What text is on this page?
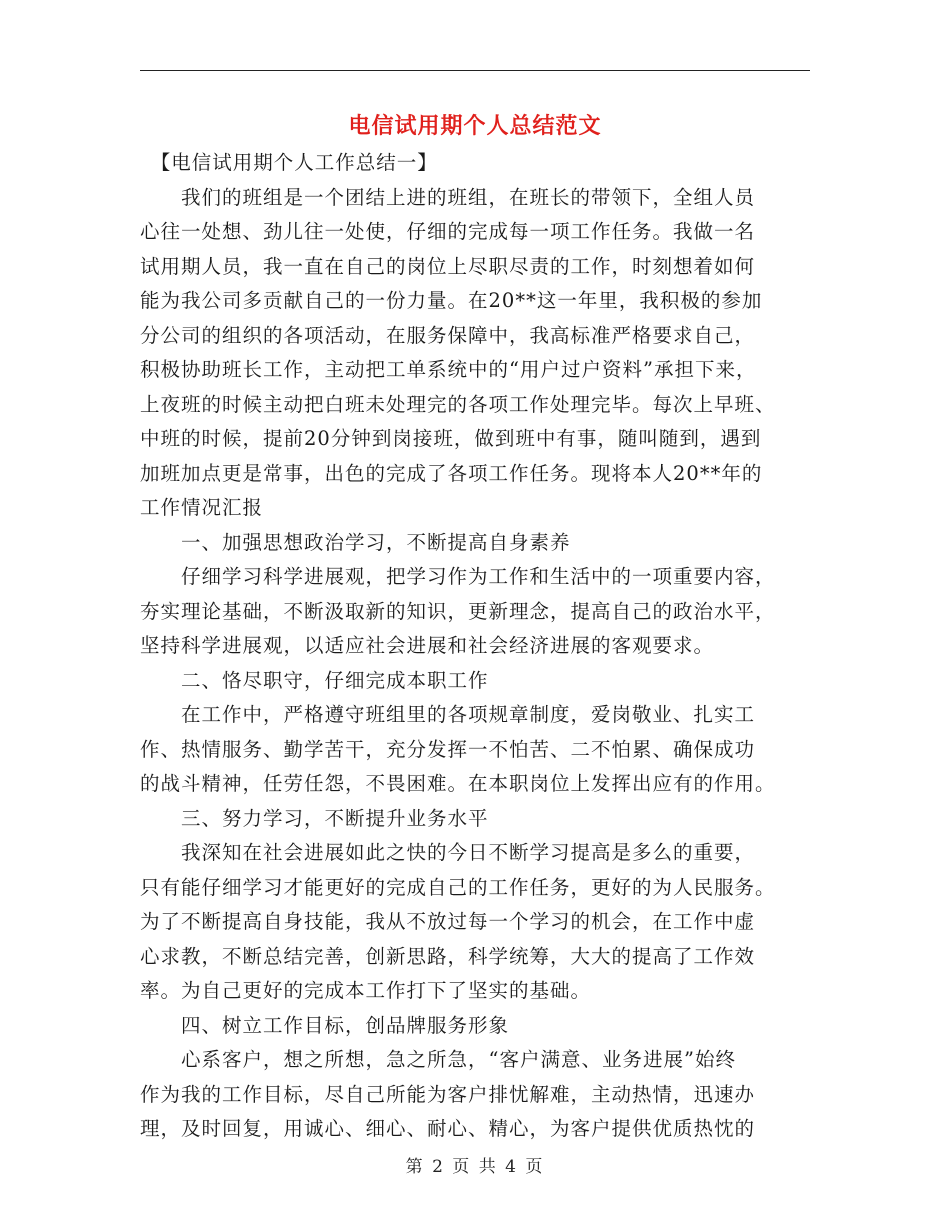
电信试用期个人总结范文
　【电信试用期个人工作总结一】
　　我们的班组是一个团结上进的班组，在班长的带领下，全组人员
心往一处想、劲儿往一处使，仔细的完成每一项工作任务。我做一名
试用期人员，我一直在自己的岗位上尽职尽责的工作，时刻想着如何
能为我公司多贡献自己的一份力量。在20**这一年里，我积极的参加
分公司的组织的各项活动，在服务保障中，我高标准严格要求自己，
积极协助班长工作，主动把工单系统中的“用户过户资料”承担下来，
上夜班的时候主动把白班未处理完的各项工作处理完毕。每次上早班、
中班的时候，提前20分钟到岗接班，做到班中有事，随叫随到，遇到
加班加点更是常事，出色的完成了各项工作任务。现将本人20**年的
工作情况汇报
　　一、加强思想政治学习，不断提高自身素养
　　仔细学习科学进展观，把学习作为工作和生活中的一项重要内容，
夯实理论基础，不断汲取新的知识，更新理念，提高自己的政治水平，
坚持科学进展观，以适应社会进展和社会经济进展的客观要求。
　　二、恪尽职守，仔细完成本职工作
　　在工作中，严格遵守班组里的各项规章制度，爱岗敬业、扎实工
作、热情服务、勤学苦干，充分发挥一不怕苦、二不怕累、确保成功
的战斗精神，任劳任怨，不畏困难。在本职岗位上发挥出应有的作用。
　　三、努力学习，不断提升业务水平
　　我深知在社会进展如此之快的今日不断学习提高是多么的重要，
只有能仔细学习才能更好的完成自己的工作任务，更好的为人民服务。
为了不断提高自身技能，我从不放过每一个学习的机会，在工作中虚
心求教，不断总结完善，创新思路，科学统筹，大大的提高了工作效
率。为自己更好的完成本工作打下了坚实的基础。
　　四、树立工作目标，创品牌服务形象
　　心系客户，想之所想，急之所急，“客户满意、业务进展”始终
作为我的工作目标，尽自己所能为客户排忧解难，主动热情，迅速办
理，及时回复，用诚心、细心、耐心、精心，为客户提供优质热忱的
第 2 页 共 4 页
